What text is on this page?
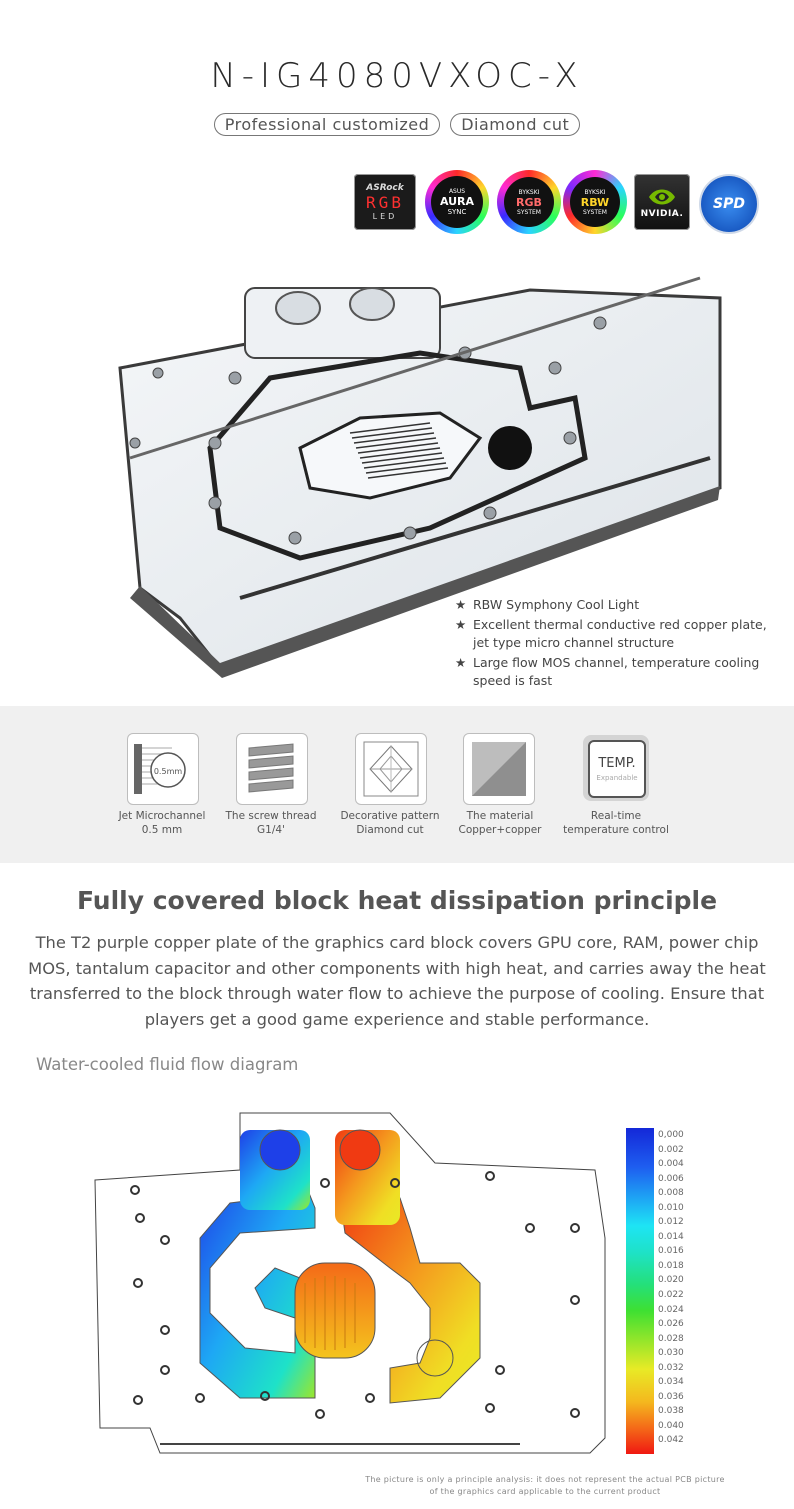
N-IG4080VXOC-X
Professional customized	Diamond cut
ASRock
RGB
LED
ASUS
AURA
SYNC
BYKSKI
RGB
SYSTEM
BYKSKI
RBW
SYSTEM	NVIDIA.
SPD
★ RBW Symphony Cool Light
★ Excellent thermal conductive red copper plate, jet type micro channel structure
★ Large flow MOS channel, temperature cooling speed is fast
0.5mm
TEMP.
Expandable
Jet Microchannel
0.5 mm
The screw thread
G1/4'
Decorative pattern
Diamond cut
The material
Copper+copper
Real-time
temperature control
Fully covered block heat dissipation principle
The T2 purple copper plate of the graphics card block covers GPU core, RAM, power chip MOS, tantalum capacitor and other components with high heat, and carries away the heat transferred to the block through water flow to achieve the purpose of cooling. Ensure that players get a good game experience and stable performance.
Water-cooled fluid flow diagram
0,000
0.002
0.004
0.006
0.008
0.010
0.012
0.014
0.016
0.018
0.020
0.022
0.024
0.026
0.028
0.030
0.032
0.034
0.036
0.038
0.040
0.042
The picture is only a principle analysis: it does not represent the actual PCB picture
of the graphics card applicable to the current product
